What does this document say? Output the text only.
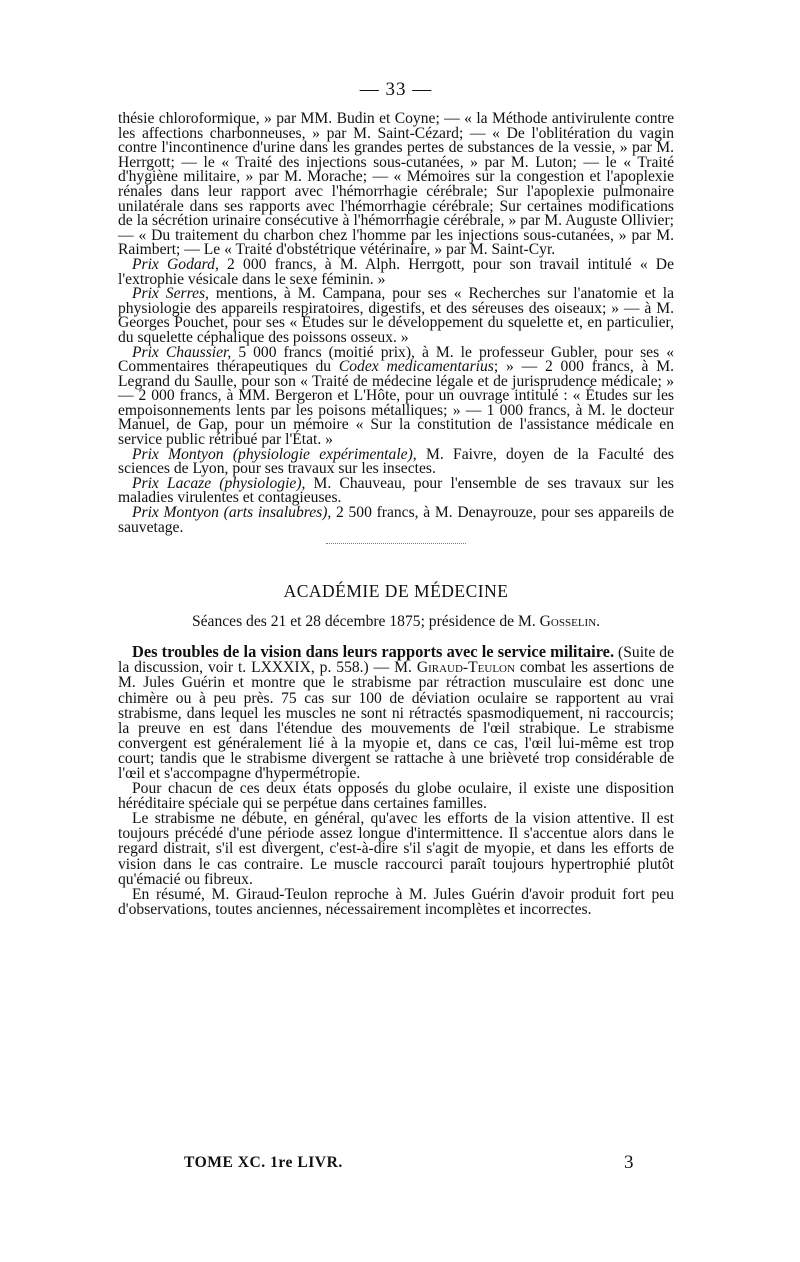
— 33 —

thésie chloroformique, » par MM. Budin et Coyne; — « la Méthode antivirulente contre les affections charbonneuses, » par M. Saint-Cézard; — « De l'oblitération du vagin contre l'incontinence d'urine dans les grandes pertes de substances de la vessie, » par M. Herrgott; — le « Traité des injections sous-cutanées, » par M. Luton; — le « Traité d'hygiène militaire, » par M. Morache; — « Mémoires sur la congestion et l'apoplexie rénales dans leur rapport avec l'hémorrhagie cérébrale; Sur l'apoplexie pulmonaire unilatérale dans ses rapports avec l'hémorrhagie cérébrale; Sur certaines modifications de la sécrétion urinaire consécutive à l'hémorrhagie cérébrale, » par M. Auguste Ollivier; — « Du traitement du charbon chez l'homme par les injections sous-cutanées, » par M. Raimbert; — Le « Traité d'obstétrique vétérinaire, » par M. Saint-Cyr.

Prix Godard, 2 000 francs, à M. Alph. Herrgott, pour son travail intitulé « De l'extrophie vésicale dans le sexe féminin. »

Prix Serres, mentions, à M. Campana, pour ses « Recherches sur l'anatomie et la physiologie des appareils respiratoires, digestifs, et des séreuses des oiseaux; » — à M. Georges Pouchet, pour ses « Études sur le développement du squelette et, en particulier, du squelette céphalique des poissons osseux. »

Prix Chaussier, 5 000 francs (moitié prix), à M. le professeur Gubler, pour ses « Commentaires thérapeutiques du Codex medicamentarius; » — 2 000 francs, à M. Legrand du Saulle, pour son « Traité de médecine légale et de jurisprudence médicale; » — 2 000 francs, à MM. Bergeron et L'Hôte, pour un ouvrage intitulé : « Études sur les empoisonnements lents par les poisons métalliques; » — 1 000 francs, à M. le docteur Manuel, de Gap, pour un mémoire « Sur la constitution de l'assistance médicale en service public rétribué par l'État. »

Prix Montyon (physiologie expérimentale), M. Faivre, doyen de la Faculté des sciences de Lyon, pour ses travaux sur les insectes.

Prix Lacaze (physiologie), M. Chauveau, pour l'ensemble de ses travaux sur les maladies virulentes et contagieuses.

Prix Montyon (arts insalubres), 2 500 francs, à M. Denayrouze, pour ses appareils de sauvetage.

ACADÉMIE DE MÉDECINE
Séances des 21 et 28 décembre 1875; présidence de M. Gosselin.

Des troubles de la vision dans leurs rapports avec le service militaire. (Suite de la discussion, voir t. LXXXIX, p. 558.) — M. Giraud-Teulon combat les assertions de M. Jules Guérin et montre que le strabisme par rétraction musculaire est donc une chimère ou à peu près. 75 cas sur 100 de déviation oculaire se rapportent au vrai strabisme, dans lequel les muscles ne sont ni rétractés spasmodiquement, ni raccourcis; la preuve en est dans l'étendue des mouvements de l'œil strabique. Le strabisme convergent est généralement lié à la myopie et, dans ce cas, l'œil lui-même est trop court; tandis que le strabisme divergent se rattache à une brièveté trop considérable de l'œil et s'accompagne d'hypermétropie.

Pour chacun de ces deux états opposés du globe oculaire, il existe une disposition héréditaire spéciale qui se perpétue dans certaines familles.

Le strabisme ne débute, en général, qu'avec les efforts de la vision attentive. Il est toujours précédé d'une période assez longue d'intermittence. Il s'accentue alors dans le regard distrait, s'il est divergent, c'est-à-dire s'il s'agit de myopie, et dans les efforts de vision dans le cas contraire. Le muscle raccourci paraît toujours hypertrophié plutôt qu'émacié ou fibreux.

En résumé, M. Giraud-Teulon reproche à M. Jules Guérin d'avoir produit fort peu d'observations, toutes anciennes, nécessairement incomplètes et incorrectes.

TOME XC. 1re LIVR.	3
